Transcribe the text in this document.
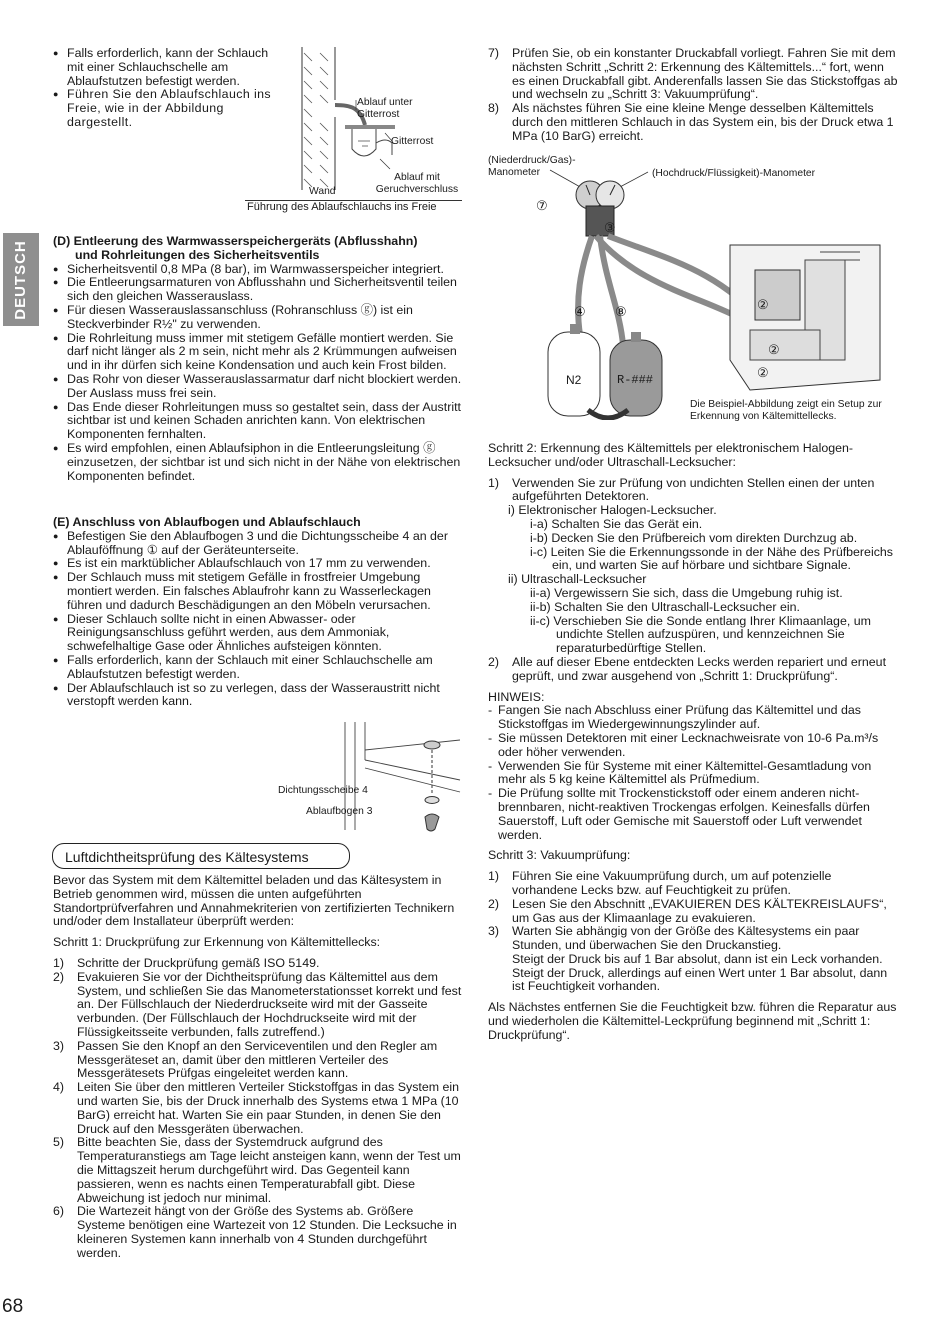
DEUTSCH

● Falls erforderlich, kann der Schlauch mit einer Schlauchschelle am Ablaufstutzen befestigt werden.

● Führen Sie den Ablaufschlauch ins Freie, wie in der Abbildung dargestellt.

Ablauf unter Gitterrost
Gitterrost
Ablauf mit Geruchverschluss
Wand
Führung des Ablaufschlauchs ins Freie

(D) Entleerung des Warmwasserspeichergeräts (Abflusshahn)

und Rohrleitungen des Sicherheitsventils

● Sicherheitsventil 0,8 MPa (8 bar), im Warmwasserspeicher integriert.

● Die Entleerungsarmaturen von Abflusshahn und Sicherheitsventil teilen sich den gleichen Wasserauslass.

● Für diesen Wasserauslassanschluss (Rohranschluss ⓖ) ist ein Steckverbinder R½" zu verwenden.

● Die Rohrleitung muss immer mit stetigem Gefälle montiert werden. Sie darf nicht länger als 2 m sein, nicht mehr als 2 Krümmungen aufweisen und in ihr dürfen sich keine Kondensation und auch kein Frost bilden.

● Das Rohr von dieser Wasserauslassarmatur darf nicht blockiert werden. Der Auslass muss frei sein.

● Das Ende dieser Rohrleitungen muss so gestaltet sein, dass der Austritt sichtbar ist und keinen Schaden anrichten kann. Von elektrischen Komponenten fernhalten.

● Es wird empfohlen, einen Ablaufsiphon in die Entleerungsleitung ⓖ einzusetzen, der sichtbar ist und sich nicht in der Nähe von elektrischen Komponenten befindet.

(E) Anschluss von Ablaufbogen und Ablaufschlauch

● Befestigen Sie den Ablaufbogen 3 und die Dichtungsscheibe 4 an der Ablauföffnung ① auf der Geräteunterseite.

● Es ist ein marktüblicher Ablaufschlauch von 17 mm zu verwenden.

● Der Schlauch muss mit stetigem Gefälle in frostfreier Umgebung montiert werden. Ein falsches Ablaufrohr kann zu Wasserleckagen führen und dadurch Beschädigungen an den Möbeln verursachen.

● Dieser Schlauch sollte nicht in einen Abwasser- oder Reinigungsanschluss geführt werden, aus dem Ammoniak, schwefelhaltige Gase oder Ähnliches aufsteigen könnten.

● Falls erforderlich, kann der Schlauch mit einer Schlauchschelle am Ablaufstutzen befestigt werden.

● Der Ablaufschlauch ist so zu verlegen, dass der Wasseraustritt nicht verstopft werden kann.

Dichtungsscheibe 4
Ablaufbogen 3
Luftdichtheitsprüfung des Kältesystems

Bevor das System mit dem Kältemittel beladen und das Kältesystem in Betrieb genommen wird, müssen die unten aufgeführten Standortprüfverfahren und Annahmekriterien von zertifizierten Technikern und/oder dem Installateur überprüft werden:

Schritt 1: Druckprüfung zur Erkennung von Kältemittellecks:

1) Schritte der Druckprüfung gemäß ISO 5149.

2) Evakuieren Sie vor der Dichtheitsprüfung das Kältemittel aus dem System, und schließen Sie das Manometerstationsset korrekt und fest an. Der Füllschlauch der Niederdruckseite wird mit der Gasseite verbunden. (Der Füllschlauch der Hochdruckseite wird mit der Flüssigkeitsseite verbunden, falls zutreffend.)

3) Passen Sie den Knopf an den Serviceventilen und den Regler am Messgeräteset an, damit über den mittleren Verteiler des Messgerätesets Prüfgas eingeleitet werden kann.

4) Leiten Sie über den mittleren Verteiler Stickstoffgas in das System ein und warten Sie, bis der Druck innerhalb des Systems etwa 1 MPa (10 BarG) erreicht hat. Warten Sie ein paar Stunden, in denen Sie den Druck auf den Messgeräten überwachen.

5) Bitte beachten Sie, dass der Systemdruck aufgrund des Temperaturanstiegs am Tage leicht ansteigen kann, wenn der Test um die Mittagszeit herum durchgeführt wird. Das Gegenteil kann passieren, wenn es nachts einen Temperaturabfall gibt. Diese Abweichung ist jedoch nur minimal.

6) Die Wartezeit hängt von der Größe des Systems ab. Größere Systeme benötigen eine Wartezeit von 12 Stunden. Die Lecksuche in kleineren Systemen kann innerhalb von 4 Stunden durchgeführt werden.

7) Prüfen Sie, ob ein konstanter Druckabfall vorliegt. Fahren Sie mit dem nächsten Schritt „Schritt 2: Erkennung des Kältemittels...“ fort, wenn es einen Druckabfall gibt. Anderenfalls lassen Sie das Stickstoffgas ab und wechseln zu „Schritt 3: Vakuumprüfung“.

8) Als nächstes führen Sie eine kleine Menge desselben Kältemittels durch den mittleren Schlauch in das System ein, bis der Druck etwa 1 MPa (10 BarG) erreicht.

(Niederdruck/Gas)- Manometer	(Hochdruck/Flüssigkeit)-Manometer
⑦
③
④ ⑧	②
②
②
N2	R-###
Die Beispiel-Abbildung zeigt ein Setup zur Erkennung von Kältemittellecks.

Schritt 2: Erkennung des Kältemittels per elektronischem Halogen-Lecksucher und/oder Ultraschall-Lecksucher:

1) Verwenden Sie zur Prüfung von undichten Stellen einen der unten aufgeführten Detektoren.

i) Elektronischer Halogen-Lecksucher.

i-a) Schalten Sie das Gerät ein.

i-b) Decken Sie den Prüfbereich vom direkten Durchzug ab.

i-c) Leiten Sie die Erkennungssonde in der Nähe des Prüfbereichs ein, und warten Sie auf hörbare und sichtbare Signale.

ii) Ultraschall-Lecksucher

ii-a) Vergewissern Sie sich, dass die Umgebung ruhig ist.

ii-b) Schalten Sie den Ultraschall-Lecksucher ein.

ii-c) Verschieben Sie die Sonde entlang Ihrer Klimaanlage, um undichte Stellen aufzuspüren, und kennzeichnen Sie reparaturbedürftige Stellen.

2) Alle auf dieser Ebene entdeckten Lecks werden repariert und erneut geprüft, und zwar ausgehend von „Schritt 1: Druckprüfung“.

HINWEIS:

- Fangen Sie nach Abschluss einer Prüfung das Kältemittel und das Stickstoffgas im Wiedergewinnungszylinder auf.

- Sie müssen Detektoren mit einer Lecknachweisrate von 10-6 Pa.m³/s oder höher verwenden.

- Verwenden Sie für Systeme mit einer Kältemittel-Gesamtladung von mehr als 5 kg keine Kältemittel als Prüfmedium.

- Die Prüfung sollte mit Trockenstickstoff oder einem anderen nicht-brennbaren, nicht-reaktiven Trockengas erfolgen. Keinesfalls dürfen Sauerstoff, Luft oder Gemische mit Sauerstoff oder Luft verwendet werden.

Schritt 3: Vakuumprüfung:

1) Führen Sie eine Vakuumprüfung durch, um auf potenzielle vorhandene Lecks bzw. auf Feuchtigkeit zu prüfen.

2) Lesen Sie den Abschnitt „EVAKUIEREN DES KÄLTEKREISLAUFS“, um Gas aus der Klimaanlage zu evakuieren.

3) Warten Sie abhängig von der Größe des Kältesystems ein paar Stunden, und überwachen Sie den Druckanstieg.

Steigt der Druck bis auf 1 Bar absolut, dann ist ein Leck vorhanden.

Steigt der Druck, allerdings auf einen Wert unter 1 Bar absolut, dann ist Feuchtigkeit vorhanden.

Als Nächstes entfernen Sie die Feuchtigkeit bzw. führen die Reparatur aus und wiederholen die Kältemittel-Leckprüfung beginnend mit „Schritt 1: Druckprüfung“.

68
